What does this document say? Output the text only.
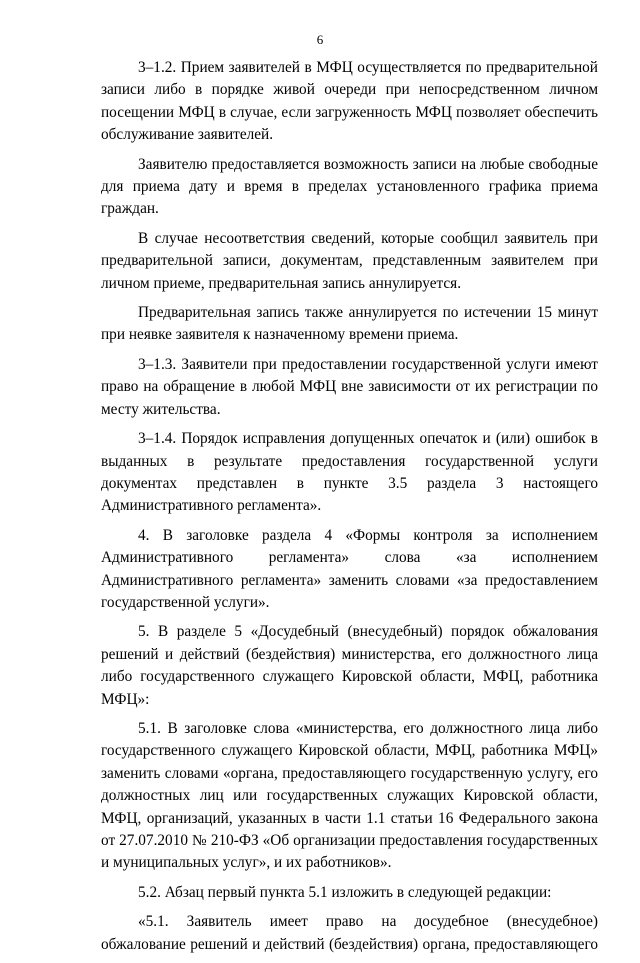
6

3–1.2. Прием заявителей в МФЦ осуществляется по предварительной записи либо в порядке живой очереди при непосредственном личном посещении МФЦ в случае, если загруженность МФЦ позволяет обеспечить обслуживание заявителей.

Заявителю предоставляется возможность записи на любые свободные для приема дату и время в пределах установленного графика приема граждан.

В случае несоответствия сведений, которые сообщил заявитель при предварительной записи, документам, представленным заявителем при личном приеме, предварительная запись аннулируется.

Предварительная запись также аннулируется по истечении 15 минут при неявке заявителя к назначенному времени приема.

3–1.3. Заявители при предоставлении государственной услуги имеют право на обращение в любой МФЦ вне зависимости от их регистрации по месту жительства.

3–1.4. Порядок исправления допущенных опечаток и (или) ошибок в выданных в результате предоставления государственной услуги документах представлен в пункте 3.5 раздела 3 настоящего Административного регламента».

4. В заголовке раздела 4 «Формы контроля за исполнением Административного регламента» слова «за исполнением Административного регламента» заменить словами «за предоставлением государственной услуги».

5. В разделе 5 «Досудебный (внесудебный) порядок обжалования решений и действий (бездействия) министерства, его должностного лица либо государственного служащего Кировской области, МФЦ, работника МФЦ»:

5.1. В заголовке слова «министерства, его должностного лица либо государственного служащего Кировской области, МФЦ, работника МФЦ» заменить словами «органа, предоставляющего государственную услугу, его должностных лиц или государственных служащих Кировской области, МФЦ, организаций, указанных в части 1.1 статьи 16 Федерального закона от 27.07.2010 № 210-ФЗ «Об организации предоставления государственных и муниципальных услуг», и их работников».

5.2. Абзац первый пункта 5.1 изложить в следующей редакции:

«5.1. Заявитель имеет право на досудебное (внесудебное) обжалование решений и действий (бездействия) органа, предоставляющего
